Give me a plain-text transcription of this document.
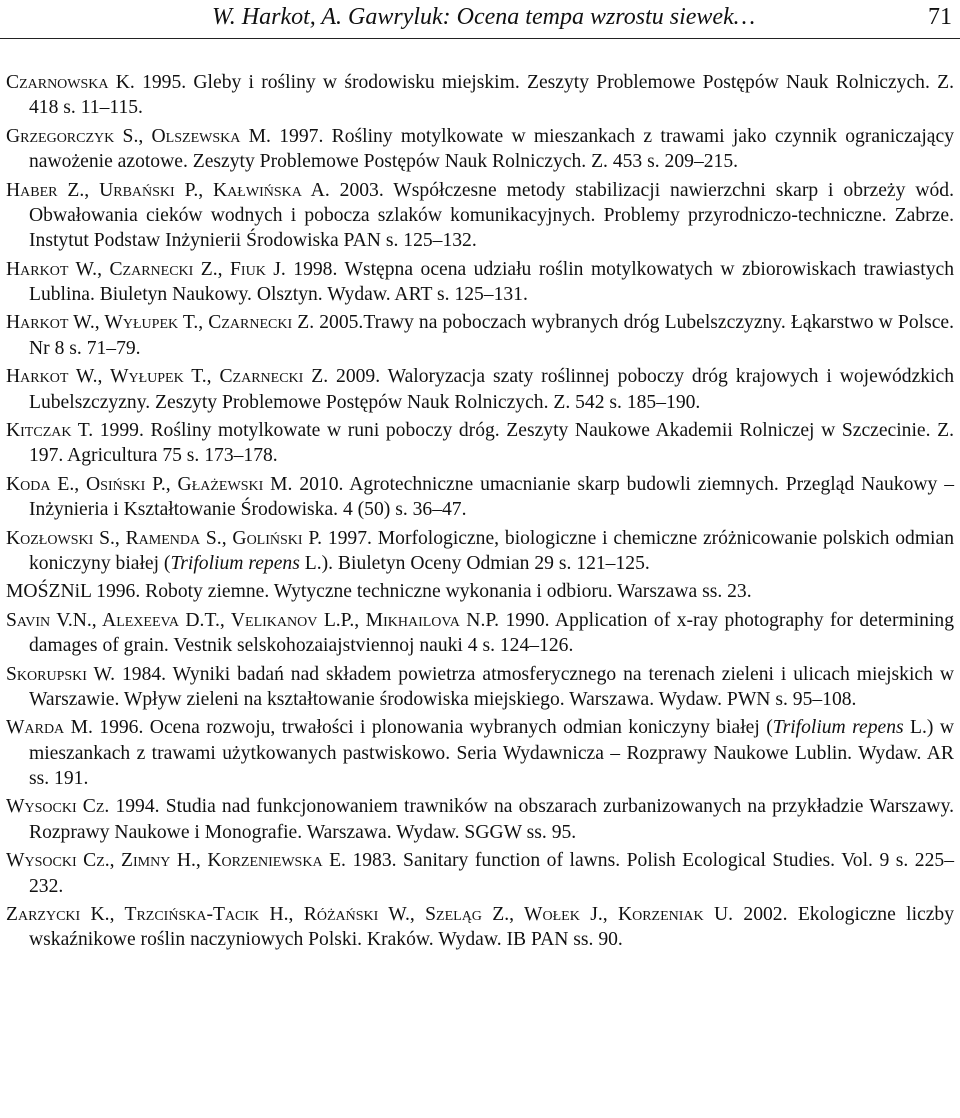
W. Harkot, A. Gawryluk: Ocena tempa wzrostu siewek…	71
Czarnowska K. 1995. Gleby i rośliny w środowisku miejskim. Zeszyty Problemowe Postępów Nauk Rolniczych. Z. 418 s. 11–115.
Grzegorczyk S., Olszewska M. 1997. Rośliny motylkowate w mieszankach z trawami jako czynnik ograniczający nawożenie azotowe. Zeszyty Problemowe Postępów Nauk Rolniczych. Z. 453 s. 209–215.
Haber Z., Urbański P., Kałwińska A. 2003. Współczesne metody stabilizacji nawierzchni skarp i obrzeży wód. Obwałowania cieków wodnych i pobocza szlaków komunikacyjnych. Problemy przyrodniczo-techniczne. Zabrze. Instytut Podstaw Inżynierii Środowiska PAN s. 125–132.
Harkot W., Czarnecki Z., Fiuk J. 1998. Wstępna ocena udziału roślin motylkowatych w zbiorowiskach trawiastych Lublina. Biuletyn Naukowy. Olsztyn. Wydaw. ART s. 125–131.
Harkot W., Wyłupek T., Czarnecki Z. 2005.Trawy na poboczach wybranych dróg Lubelszczyzny. Łąkarstwo w Polsce. Nr 8 s. 71–79.
Harkot W., Wyłupek T., Czarnecki Z. 2009. Waloryzacja szaty roślinnej poboczy dróg krajowych i wojewódzkich Lubelszczyzny. Zeszyty Problemowe Postępów Nauk Rolniczych. Z. 542 s. 185–190.
Kitczak T. 1999. Rośliny motylkowate w runi poboczy dróg. Zeszyty Naukowe Akademii Rolniczej w Szczecinie. Z. 197. Agricultura 75 s. 173–178.
Koda E., Osiński P., Głażewski M. 2010. Agrotechniczne umacnianie skarp budowli ziemnych. Przegląd Naukowy – Inżynieria i Kształtowanie Środowiska. 4 (50) s. 36–47.
Kozłowski S., Ramenda S., Goliński P. 1997. Morfologiczne, biologiczne i chemiczne zróżnicowanie polskich odmian koniczyny białej (Trifolium repens L.). Biuletyn Oceny Odmian 29 s. 121–125.
MOŚZNiL 1996. Roboty ziemne. Wytyczne techniczne wykonania i odbioru. Warszawa ss. 23.
Savin V.N., Alexeeva D.T., Velikanov L.P., Mikhailova N.P. 1990. Application of x-ray photography for determining damages of grain. Vestnik selskohozaiajstviennoj nauki 4 s. 124–126.
Skorupski W. 1984. Wyniki badań nad składem powietrza atmosferycznego na terenach zieleni i ulicach miejskich w Warszawie. Wpływ zieleni na kształtowanie środowiska miejskiego. Warszawa. Wydaw. PWN s. 95–108.
Warda M. 1996. Ocena rozwoju, trwałości i plonowania wybranych odmian koniczyny białej (Trifolium repens L.) w mieszankach z trawami użytkowanych pastwiskowo. Seria Wydawnicza – Rozprawy Naukowe Lublin. Wydaw. AR ss. 191.
Wysocki Cz. 1994. Studia nad funkcjonowaniem trawników na obszarach zurbanizowanych na przykładzie Warszawy. Rozprawy Naukowe i Monografie. Warszawa. Wydaw. SGGW ss. 95.
Wysocki Cz., Zimny H., Korzeniewska E. 1983. Sanitary function of lawns. Polish Ecological Studies. Vol. 9 s. 225–232.
Zarzycki K., Trzcińska-Tacik H., Różański W., Szeląg Z., Wołek J., Korzeniak U. 2002. Ekologiczne liczby wskaźnikowe roślin naczyniowych Polski. Kraków. Wydaw. IB PAN ss. 90.
